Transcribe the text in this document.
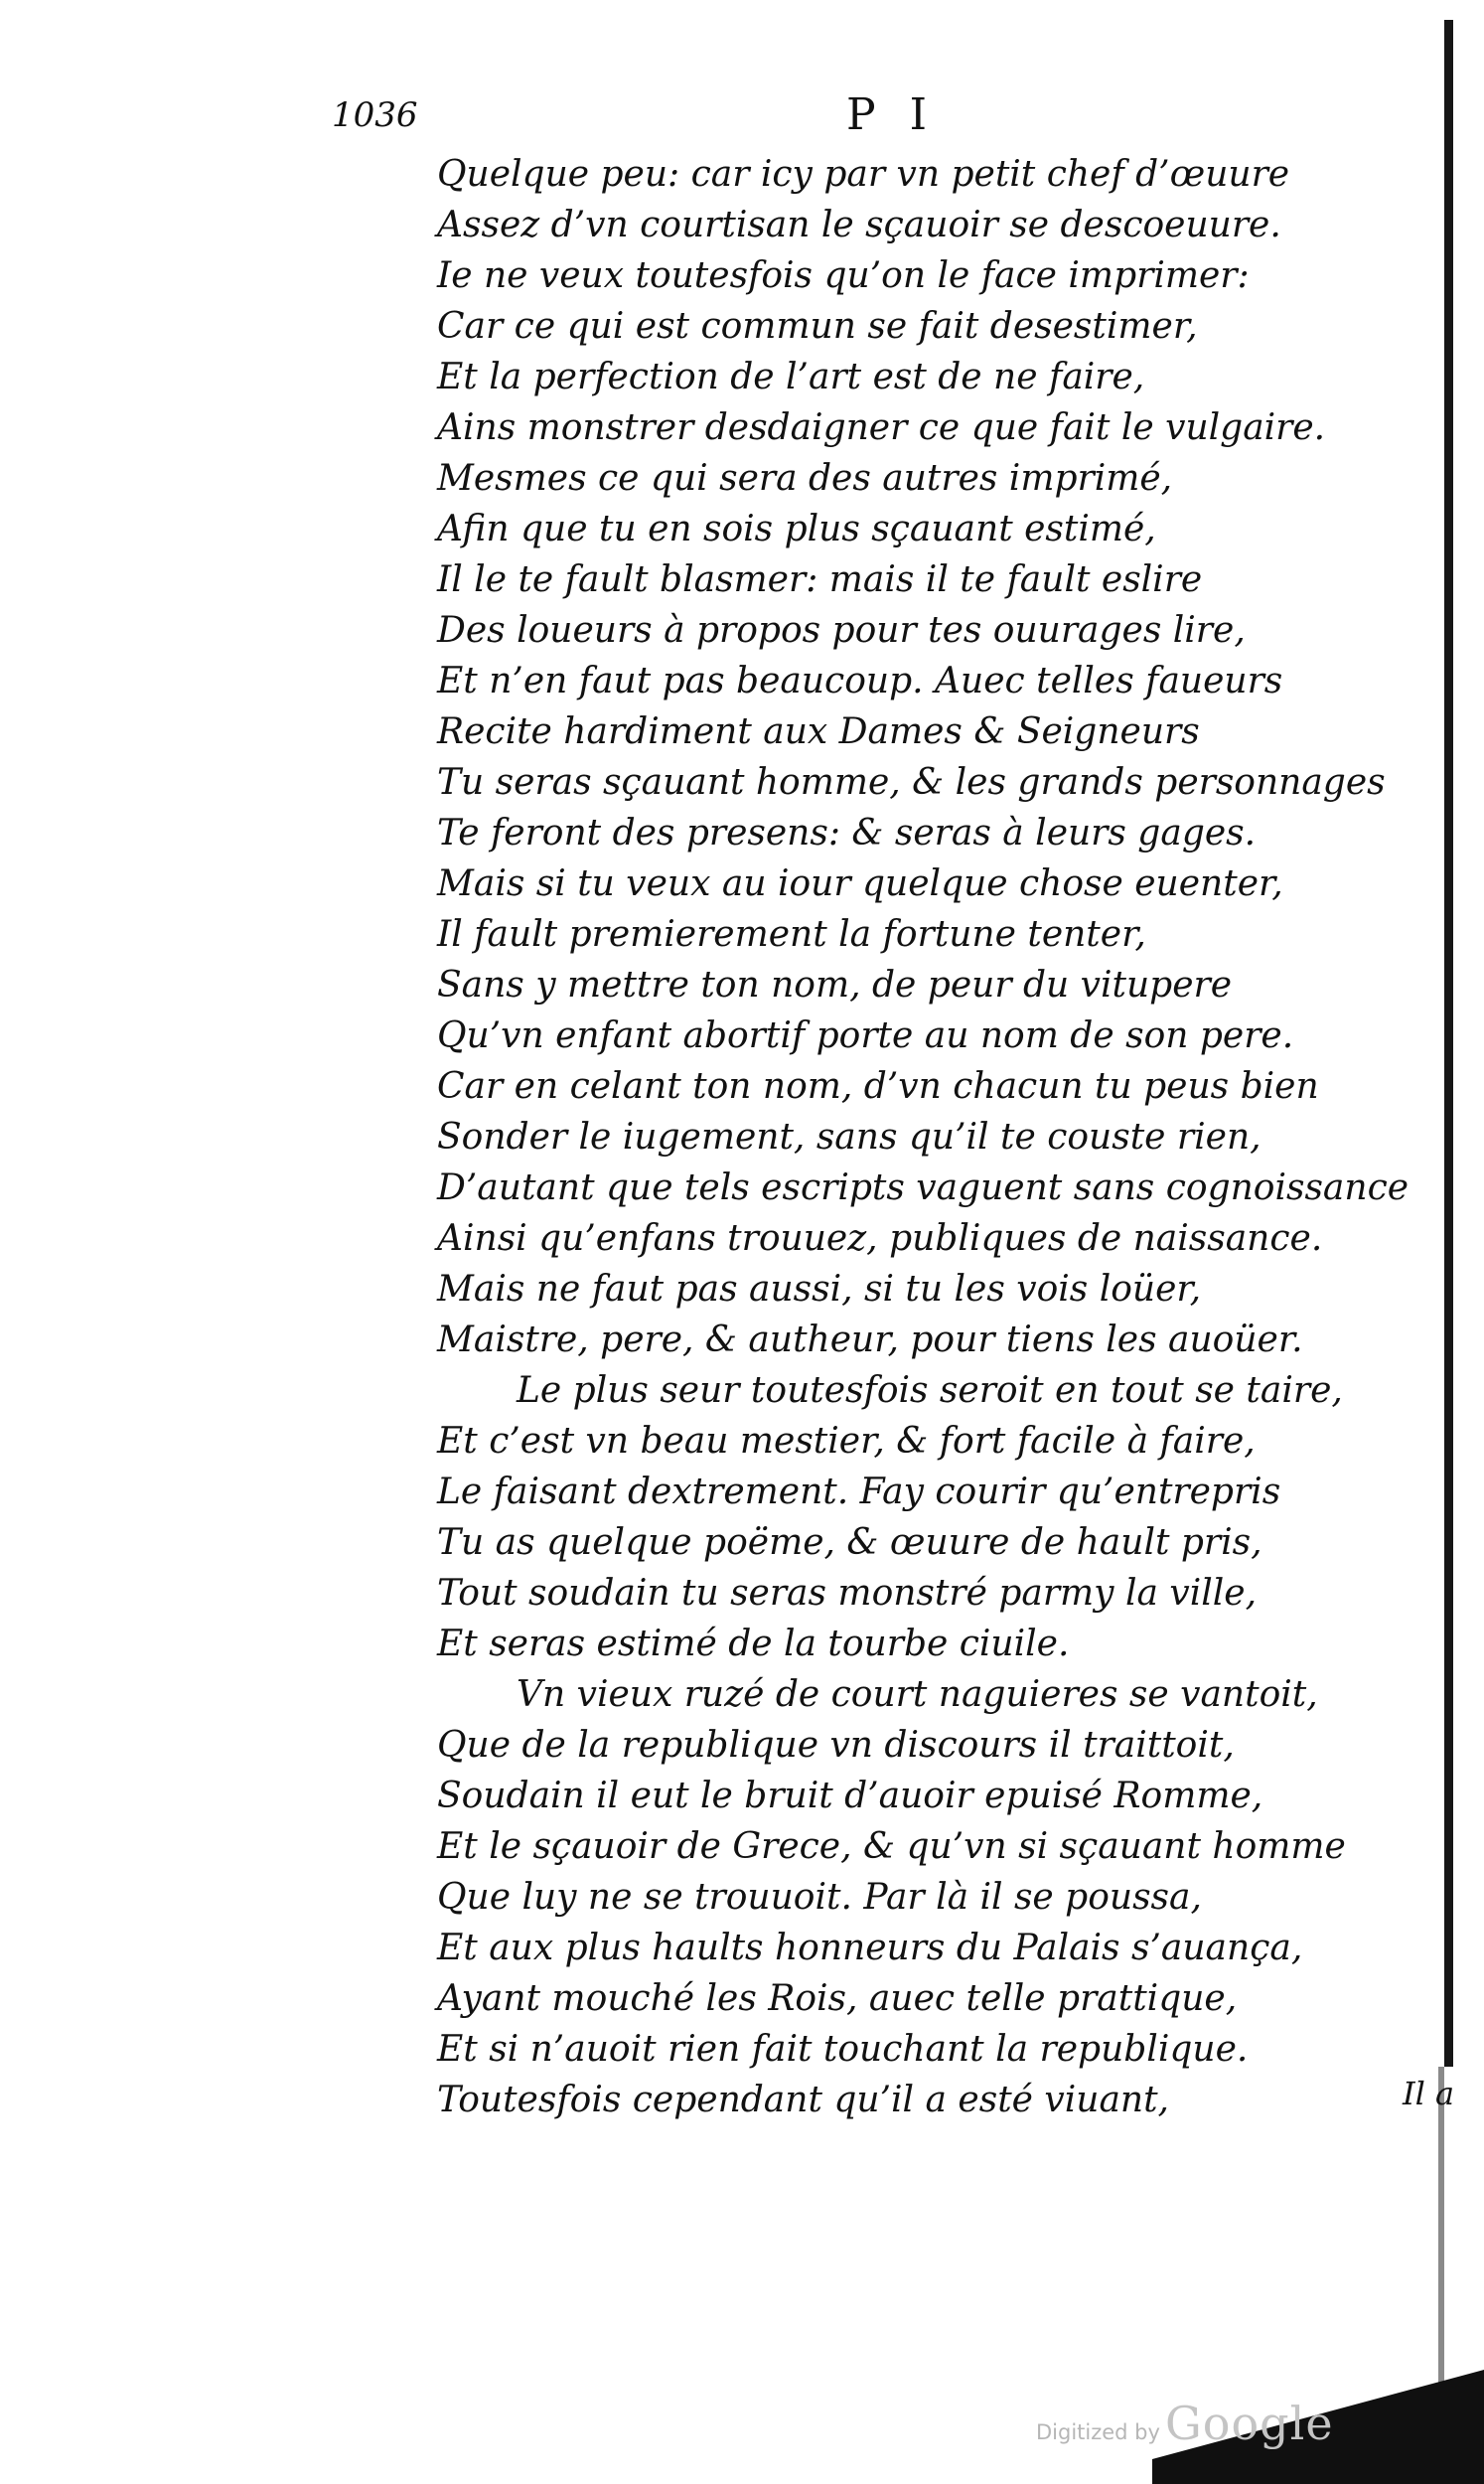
1036	P I
Quelque peu: car icy par vn petit chef d’œuure
Assez d’vn courtisan le sçauoir se descoeuure.
Ie ne veux toutesfois qu’on le face imprimer:
Car ce qui est commun se fait desestimer,
Et la perfection de l’art est de ne faire,
Ains monstrer desdaigner ce que fait le vulgaire.
Mesmes ce qui sera des autres imprimé,
Afin que tu en sois plus sçauant estimé,
Il le te fault blasmer: mais il te fault eslire
Des loueurs à propos pour tes ouurages lire,
Et n’en faut pas beaucoup. Auec telles faueurs
Recite hardiment aux Dames & Seigneurs
Tu seras sçauant homme, & les grands personnages
Te feront des presens: & seras à leurs gages.
Mais si tu veux au iour quelque chose euenter,
Il fault premierement la fortune tenter,
Sans y mettre ton nom, de peur du vitupere
Qu’vn enfant abortif porte au nom de son pere.
Car en celant ton nom, d’vn chacun tu peus bien
Sonder le iugement, sans qu’il te couste rien,
D’autant que tels escripts vaguent sans cognoissance
Ainsi qu’enfans trouuez, publiques de naissance.
Mais ne faut pas aussi, si tu les vois loüer,
Maistre, pere, & autheur, pour tiens les auoüer.
Le plus seur toutesfois seroit en tout se taire,
Et c’est vn beau mestier, & fort facile à faire,
Le faisant dextrement. Fay courir qu’entrepris
Tu as quelque poëme, & œuure de hault pris,
Tout soudain tu seras monstré parmy la ville,
Et seras estimé de la tourbe ciuile.
Vn vieux ruzé de court naguieres se vantoit,
Que de la republique vn discours il traittoit,
Soudain il eut le bruit d’auoir epuisé Romme,
Et le sçauoir de Grece, & qu’vn si sçauant homme
Que luy ne se trouuoit. Par là il se poussa,
Et aux plus haults honneurs du Palais s’auança,
Ayant mouché les Rois, auec telle prattique,
Et si n’auoit rien fait touchant la republique.
Toutesfois cependant qu’il a esté viuant,	Il a
Digitized by Google
